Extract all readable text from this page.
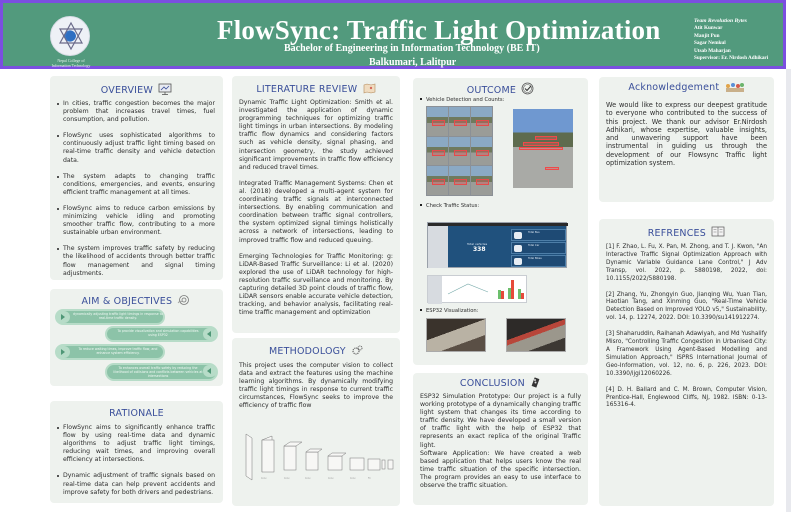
Nepal College of
Information Technology
FlowSync: Traffic Light Optimization
Bachelor of Engineering in Information Technology (BE IT)
Balkumari, Lalitpur
Team Revolution Bytes
Atit Kunwar
Manjit Pun
Sagar Nemkul
Utsab Maharjan
Supervisor: Er. Nirdosh Adhikari
OVERVIEW
In cities, traffic congestion becomes the major problem that increases travel times, fuel consumption, and pollution.
FlowSync uses sophisticated algorithms to continuously adjust traffic light timing based on real-time traffic density and vehicle detection data.
The system adapts to changing traffic conditions, emergencies, and events, ensuring efficient traffic management at all times.
FlowSync aims to reduce carbon emissions by minimizing vehicle idling and promoting smoother traffic flow, contributing to a more sustainable urban environment.
The system improves traffic safety by reducing the likelihood of accidents through better traffic flow management and signal timing adjustments.
AIM & OBJECTIVES
dynamically adjusting traffic light timings in response to real-time traffic density.
To provide visualization and simulation capabilities using ESP32
To reduce waiting times, improve traffic flow, and enhance system efficiency.
To enhances overall traffic safety by reducing the likelihood of collisions and conflicts between vehicles at intersections
RATIONALE
FlowSync aims to significantly enhance traffic flow by using real-time data and dynamic algorithms to adjust traffic light timings, reducing wait times, and improving overall efficiency at intersections.
Dynamic adjustment of traffic signals based on real-time data can help prevent accidents and improve safety for both drivers and pedestrians.
LITERATURE REVIEW

Dynamic Traffic Light Optimization: Smith et al. investigated the application of dynamic programming techniques for optimizing traffic light timings in urban intersections. By modeling traffic flow dynamics and considering factors such as vehicle density, signal phasing, and intersection geometry, the study achieved significant improvements in traffic flow efficiency and reduced travel times.

Integrated Traffic Management Systems: Chen et al. (2018) developed a multi-agent system for coordinating traffic signals at interconnected intersections. By enabling communication and coordination between traffic signal controllers, the system optimized signal timings holistically across a network of intersections, leading to improved traffic flow and reduced queuing.

Emerging Technologies for Traffic Monitoring: g: LiDAR-Based Traffic Surveillance: Li et al. (2020) explored the use of LiDAR technology for high-resolution traffic surveillance and monitoring. By capturing detailed 3D point clouds of traffic flow, LiDAR sensors enable accurate vehicle detection, tracking, and behavior analysis, facilitating real-time traffic management and optimization

METHODOLOGY

This project uses the computer vision to collect data and extract the features using the machine learning algorithms. By dynamically modifying traffic light timings in response to current traffic circumstances, FlowSync seeks to improve the efficiency of traffic flow

Conv	Conv	Conv	Conv	Conv	FC
OUTCOME
Vehicle Detection and Counts:
Check Traffic Status:
Total vehicles
338
Total Bus
Total Car
Total Bikes
ESP32 Visualization:
CONCLUSION

ESP32 Simulation Prototype: Our project is a fully working prototype of a dynamically changing traffic light system that changes its time according to traffic density. We have developed a small version of traffic light with the help of ESP32 that represents an exact replica of the original Traffic light.

Software Application: We have created a web based application that helps users know the real time traffic situation of the specific intersection. The program provides an easy to use interface to observe the traffic situation.

Acknowledgement

We would like to express our deepest gratitude to everyone who contributed to the success of this project. We thank our advisor Er.Nirdosh Adhikari, whose expertise, valuable insights, and unwavering support have been instrumental in guiding us through the development of our Flowsync Traffic light optimization system.

REFRENCES

[1] F. Zhao, L. Fu, X. Pan, M. Zhong, and T. J. Kwon, "An Interactive Traffic Signal Optimization Approach with Dynamic Variable Guidance Lane Control," J Adv Transp, vol. 2022, p. 5880198, 2022, doi: 10.1155/2022/5880198.

[2] Zhang, Yu, Zhongyin Guo, Jianqing Wu, Yuan Tian, Haotian Tang, and Xinming Guo, "Real-Time Vehicle Detection Based on Improved YOLO v5," Sustainability, vol. 14, p. 12274, 2022. DOI: 10.3390/su141912274.

[3] Shaharuddin, Raihanah Adawiyah, and Md Yushalify Misro, "Controlling Traffic Congestion in Urbanised City: A Framework Using Agent-Based Modelling and Simulation Approach," ISPRS International Journal of Geo-Information, vol. 12, no. 6, p. 226, 2023. DOI: 10.3390/ijgi12060226.

[4] D. H. Ballard and C. M. Brown, Computer Vision, Prentice-Hall, Englewood Cliffs, NJ, 1982. ISBN: 0-13-165316-4.
